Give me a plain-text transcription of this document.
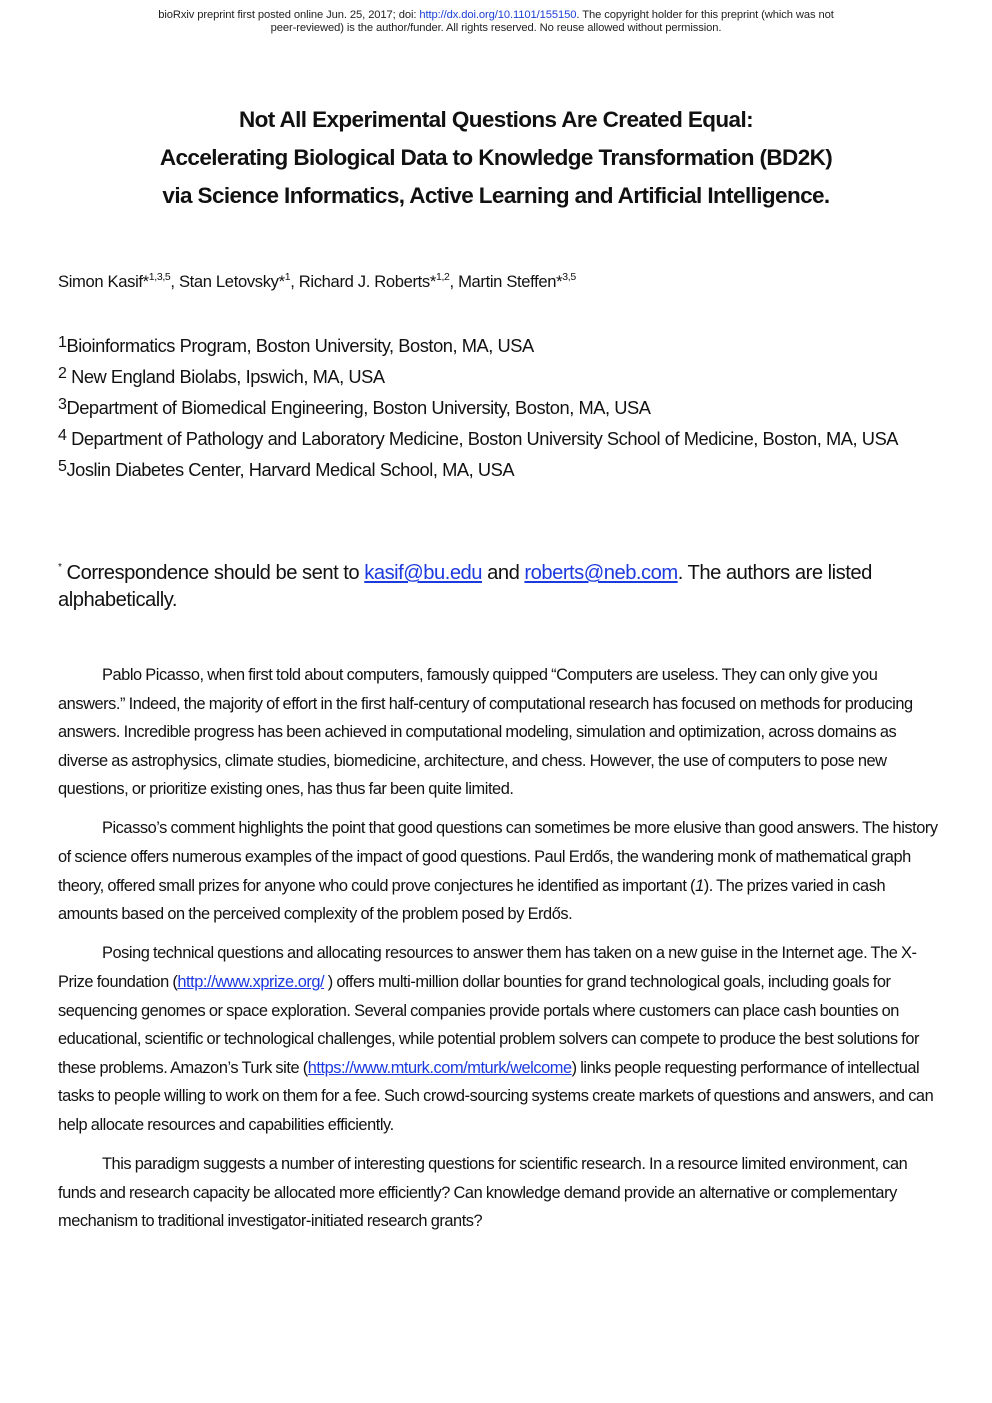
bioRxiv preprint first posted online Jun. 25, 2017; doi: http://dx.doi.org/10.1101/155150. The copyright holder for this preprint (which was not
peer-reviewed) is the author/funder. All rights reserved. No reuse allowed without permission.
Not All Experimental Questions Are Created Equal:
Accelerating Biological Data to Knowledge Transformation (BD2K)
via Science Informatics, Active Learning and Artificial Intelligence.
Simon Kasif*$^{1,3,5}$, Stan Letovsky*$^1$, Richard J. Roberts*$^{1,2}$, Martin Steffen*$^{3,5}$
$^1$Bioinformatics Program, Boston University, Boston, MA, USA
$^2$ New England Biolabs, Ipswich, MA, USA
$^3$Department of Biomedical Engineering, Boston University, Boston, MA, USA
$^4$ Department of Pathology and Laboratory Medicine, Boston University School of Medicine, Boston, MA, USA
$^5$Joslin Diabetes Center, Harvard Medical School, MA, USA
* Correspondence should be sent to kasif@bu.edu and roberts@neb.com. The authors are listed alphabetically.

Pablo Picasso, when first told about computers, famously quipped “Computers are useless. They can only give you answers.” Indeed, the majority of effort in the first half-century of computational research has focused on methods for producing answers. Incredible progress has been achieved in computational modeling, simulation and optimization, across domains as diverse as astrophysics, climate studies, biomedicine, architecture, and chess. However, the use of computers to pose new questions, or prioritize existing ones, has thus far been quite limited.

Picasso’s comment highlights the point that good questions can sometimes be more elusive than good answers. The history of science offers numerous examples of the impact of good questions. Paul Erdős, the wandering monk of mathematical graph theory, offered small prizes for anyone who could prove conjectures he identified as important (1). The prizes varied in cash amounts based on the perceived complexity of the problem posed by Erdős.

Posing technical questions and allocating resources to answer them has taken on a new guise in the Internet age. The X-Prize foundation (http://www.xprize.org/ ) offers multi-million dollar bounties for grand technological goals, including goals for sequencing genomes or space exploration. Several companies provide portals where customers can place cash bounties on educational, scientific or technological challenges, while potential problem solvers can compete to produce the best solutions for these problems. Amazon’s Turk site (https://www.mturk.com/mturk/welcome) links people requesting performance of intellectual tasks to people willing to work on them for a fee. Such crowd-sourcing systems create markets of questions and answers, and can help allocate resources and capabilities efficiently.

This paradigm suggests a number of interesting questions for scientific research. In a resource limited environment, can funds and research capacity be allocated more efficiently? Can knowledge demand provide an alternative or complementary mechanism to traditional investigator-initiated research grants?
